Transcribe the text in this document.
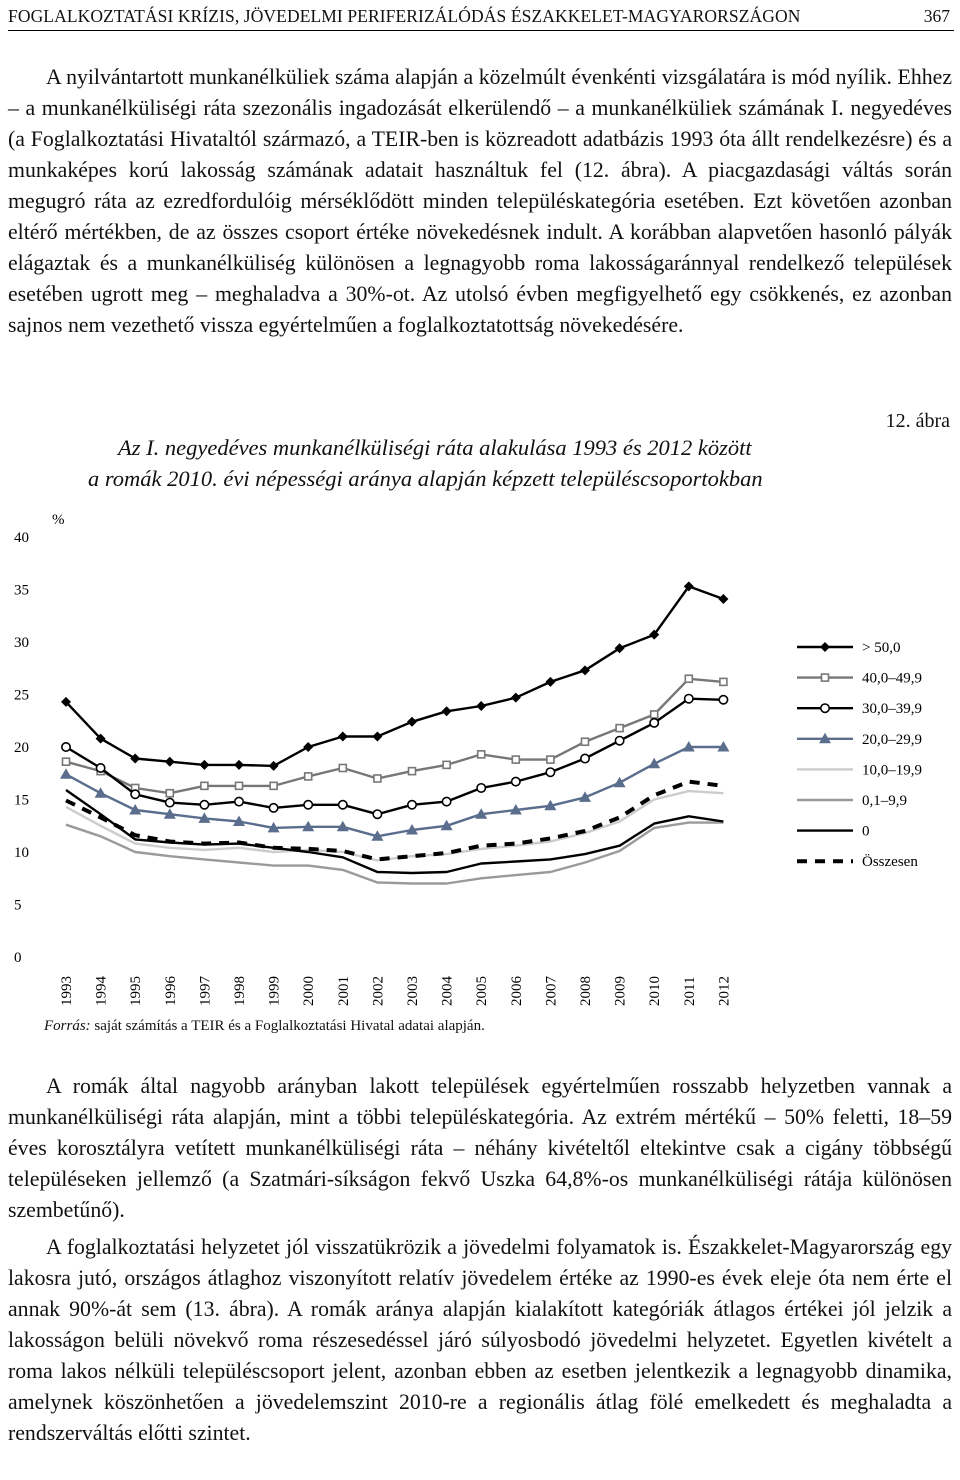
FOGLALKOZTATÁSI KRÍZIS, JÖVEDELMI PERIFERIZÁLÓDÁS ÉSZAKKELET-MAGYARORSZÁGON	367

A nyilvántartott munkanélküliek száma alapján a közelmúlt évenkénti vizsgálatára is mód nyílik. Ehhez – a munkanélküliségi ráta szezonális ingadozását elkerülendő – a munkanélküliek számának I. negyedéves (a Foglalkoztatási Hivataltól származó, a TEIR-ben is közreadott adatbázis 1993 óta állt rendelkezésre) és a munkaképes korú lakosság számának adatait használtuk fel (12. ábra). A piacgazdasági váltás során megugró ráta az ezredfordulóig mérséklődött minden településkategória esetében. Ezt követően azonban eltérő mértékben, de az összes csoport értéke növekedésnek indult. A korábban alapvetően hasonló pályák elágaztak és a munkanélküliség különösen a legnagyobb roma lakosságaránnyal rendelkező települések esetében ugrott meg – meghaladva a 30%-ot. Az utolsó évben megfigyelhető egy csökkenés, ez azonban sajnos nem vezethető vissza egyértelműen a foglalkoztatottság növekedésére.

12. ábra
Az I. negyedéves munkanélküliségi ráta alakulása 1993 és 2012 között
a romák 2010. évi népességi aránya alapján képzett településcsoportokban
0
5
10
15
20
25
30
35
40
%
1993 1994 1995 1996 1997 1998 1999 2000 2001 2002 2003 2004 2005 2006 2007 2008 2009 2010 2011 2012
> 50,0
40,0–49,9
30,0–39,9
20,0–29,9
10,0–19,9
0,1–9,9
0
Összesen
Forrás: saját számítás a TEIR és a Foglalkoztatási Hivatal adatai alapján.

A romák által nagyobb arányban lakott települések egyértelműen rosszabb helyzetben vannak a munkanélküliségi ráta alapján, mint a többi településkategória. Az extrém mértékű – 50% feletti, 18–59 éves korosztályra vetített munkanélküliségi ráta – néhány kivételtől eltekintve csak a cigány többségű településeken jellemző (a Szatmári-síkságon fekvő Uszka 64,8%-os munkanélküliségi rátája különösen szembetűnő).

A foglalkoztatási helyzetet jól visszatükrözik a jövedelmi folyamatok is. Északkelet-Magyarország egy lakosra jutó, országos átlaghoz viszonyított relatív jövedelem értéke az 1990-es évek eleje óta nem érte el annak 90%-át sem (13. ábra). A romák aránya alapján kialakított kategóriák átlagos értékei jól jelzik a lakosságon belüli növekvő roma részesedéssel járó súlyosbodó jövedelmi helyzetet. Egyetlen kivételt a roma lakos nélküli településcsoport jelent, azonban ebben az esetben jelentkezik a legnagyobb dinamika, amelynek köszönhetően a jövedelemszint 2010-re a regionális átlag fölé emelkedett és meghaladta a rendszerváltás előtti szintet.
